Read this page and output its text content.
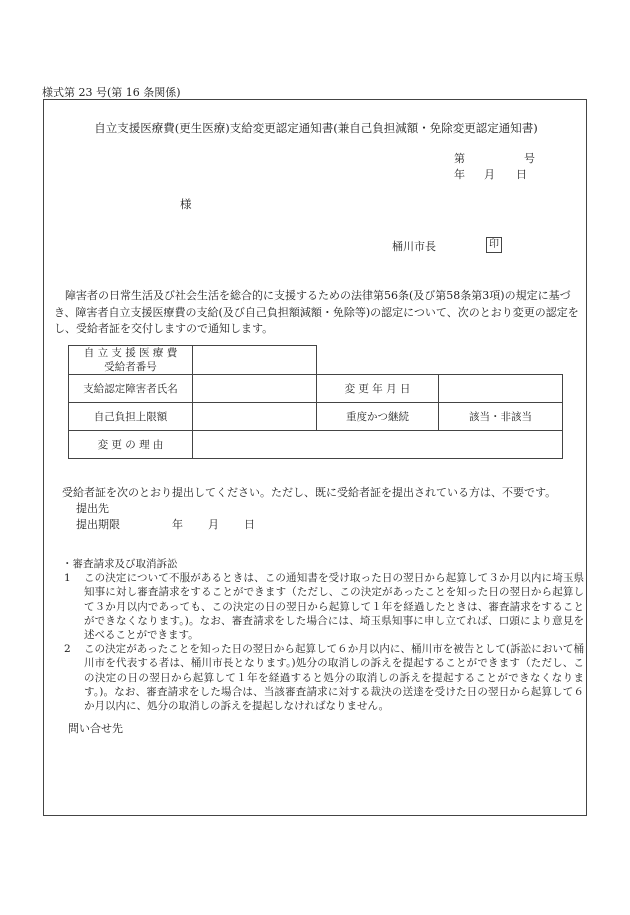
様式第 23 号(第 16 条関係)
自立支援医療費(更生医療)支給変更認定通知書(兼自己負担減額・免除変更認定通知書)
第	号
年 月 日
様
桶川市長	印
障害者の日常生活及び社会生活を総合的に支援するための法律第56条(及び第58条第3項)の規定に基づき、障害者自立支援医療費の支給(及び自己負担額減額・免除等)の認定について、次のとおり変更の認定をし、受給者証を交付しますので通知します。
自 立 支 援 医 療 費
受給者番号			

支給認定障害者氏名		変 更 年 月 日	
自己負担上限額		重度かつ継続	該当・非該当
変 更 の 理 由			
受給者証を次のとおり提出してください。ただし、既に受給者証を提出されている方は、不要です。
提出先
提出期限	年 月 日
・審査請求及び取消訴訟
1	この決定について不服があるときは、この通知書を受け取った日の翌日から起算して３か月以内に埼玉県知事に対し審査請求をすることができます（ただし、この決定があったことを知った日の翌日から起算して３か月以内であっても、この決定の日の翌日から起算して１年を経過したときは、審査請求をすることができなくなります。)。なお、審査請求をした場合には、埼玉県知事に申し立てれば、口頭により意見を述べることができます。
2	この決定があったことを知った日の翌日から起算して６か月以内に、桶川市を被告として(訴訟において桶川市を代表する者は、桶川市長となります。)処分の取消しの訴えを提起することができます（ただし、この決定の日の翌日から起算して１年を経過すると処分の取消しの訴えを提起することができなくなります。)。なお、審査請求をした場合は、当該審査請求に対する裁決の送達を受けた日の翌日から起算して６か月以内に、処分の取消しの訴えを提起しなければなりません。
問い合せ先
